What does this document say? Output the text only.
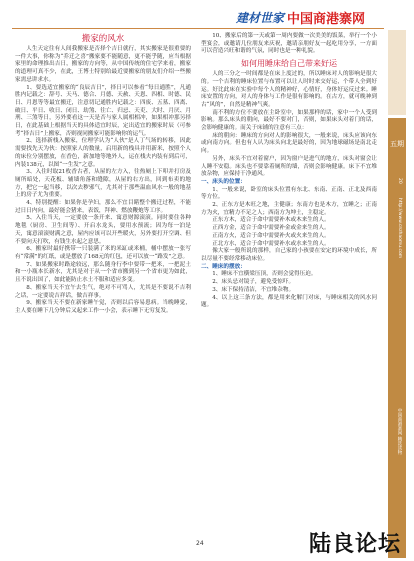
建材世家 中国商港寨网
搬家的风水

人生天定往有人间我搬家是否择个吉日就行，其实搬家是很重要的一件大事，你称为“乔迁之喜”搬家要不能随意，更不能乎随，应当根据家里的命理推出吉日，搬家的方向等，从中国传统的住宅学来看，搬家的道理可真不少，在此，王博士特别给最近要搬家的朋友们介绍一些搬家需忌讲求水。

1、要选适宜搬家的“良辰吉日”，择日可以参看“每日通胜”，凡通胜内记载之：辞号、天马、德合、月德、天赦、天恩、四相、时德、民日、月恩等等最宜搬迁，注意切记通胜内记载之：四废、五墓、四离、破日、平日、收日、闭日、劫煞、往亡、归忌、天吏、大时、月厌、月刑、三煞等日，另外要看这一天是否与家人属相相冲，如果相冲那另择日，在此基础上根据当天的具体适宜时辰，定出适宜的搬家时辰（可参考“择吉日”上搬家，否则视同搬家可能影响你的运气。

2、选择新栈入搬家，位理学认为“人伙”是人丁气场的转移，因此需要找先天为伙：按照家人的数量，启用新的栈具并用新米，按照个人的床位分别摆放，在香色，新加地等地外人，运在栈夫内装有到后可，内装138元，以图“一生发”之意。

3、入住时取21枚香古者，从屋的左方入，往热厕上下叩并打房及厕所暗处，天花板、辅墙角落和缝隙，从屋的右方出，回到布卖的地方，把它一起当移，以次去秽邪气，尤其对于那些温血风水一般的地基上的房子尤为重要。

4、特别提醒：如果你是孕妇，那么不宜目睹整个搬迁过程，不能过日日内向，最好能会猪来，表饭，拜神、燃放鞭炮等工序。

5、入住当天，一定要放一条开来、寓意财源滚滚。同时要住各种地毯（厨房、卫生间等）、开启水龙头，要用水预流；因为每一泊是天，寓意滚滚财满之意，屋内应该可以开些暖火，另外要打开空调、但不要向天打吹，有钱生水起之意思。

6、搬家时最好携带一只装满了米的米缸或米桶，桶中摆放一张写有“常满”的红纸，或是摆放了168元的红包，还可以放一“路发”之意。

7、如果搬家时路途较远，那么随身行李中要带一把米，一把泥土和一小瓶本长新水，尤其是对于从一个省市搬到另一个省市更为如此，且不说出国了，如此能防止水土不服和适应多变。

8、搬家当天不宜午去生气，绝对不可骂人，尤其是不要说不吉利之话，一定要说吉祥话，做吉祥事。

9、搬家当天不要在新家睡午觉，否则以后容易患病。当晚睡觉，主人要在睡下几分钟后又起来工作一小会，表示睡下无穷复发。

10、搬家后的第一天或第一周内要做一次美美的饭菜，举行一个小型宴会，或邀请几位朋友来庆祝，邀请亲朋好友一起吃用分享，一方面可以营造兴旺和谐的气氛，同时也是一种礼貌。

如何用睡床给自己带来好运

人的三分之一时间都是在床上度过的，所以睡床对人的影响是很大的。一个吉利的睡床位置与布置可以让人时时来交好运，个带人全到好运。好比此床在实验中每个人的精神好，心情好，身体好运反过来。睡床安置的方向，对人的身体与工作是很有影响的。在古方，就可晚神到古“风的”，自然是精神气爽。

南不利的方位不要放在主卧室中，如果那样的话，家中一个人受到影响。那么床头的朝向，最好不要对门，否则，如果床头对着门的话，会影响健康的。而关于床铺的注意有三点：

床的朝向：睡床的方向对人的影响很大，一般来说，床头应该向东或向南方向。但也有人认为床头向北是最好的，因为地球磁场是南北走向。

另外，床头不宜对着窗户，因为窗户是进气的地方，床头对窗会让人睡不安稳。床头也不要靠着厕所的墙，否则会影响健康。床下不宜堆放杂物，应保持干净通风。

一、床头的位置：

1、一般来说，卧室的床头位置有东北、东南、正南、正北及西南等方位。

2、正东方是木旺之地，主健康；东南方也是木方，宜睡之；正南方为火，宜精力不足之人；西南方为坤土，主稳定。

正东方木，适合于命中需要补木或木来生的人。

正西方金，适合于命中需要补金或金来生的人。

正南方火，适合于命中需要补火或火来生的人。

正北方水，适合于命中需要补水或水来生的人。

像大家一般所说的那样，自己家的小孩要在安定的环境中成长，所以尽量不要经常移动床位。

二、睡床的摆放：

1、睡床不宜横梁压顶，否则会觉得压迫。

2、床头忌对镜子，避免受惊吓。

3、床下保持清洁，不宜堆杂物。

4、以上这三条方法，都是用来化解门对床，与睡床相关的风水问题。

五期
20
http://www.cnzhaomu.com
中国商港寨网 精选读物
24	陆良论坛
